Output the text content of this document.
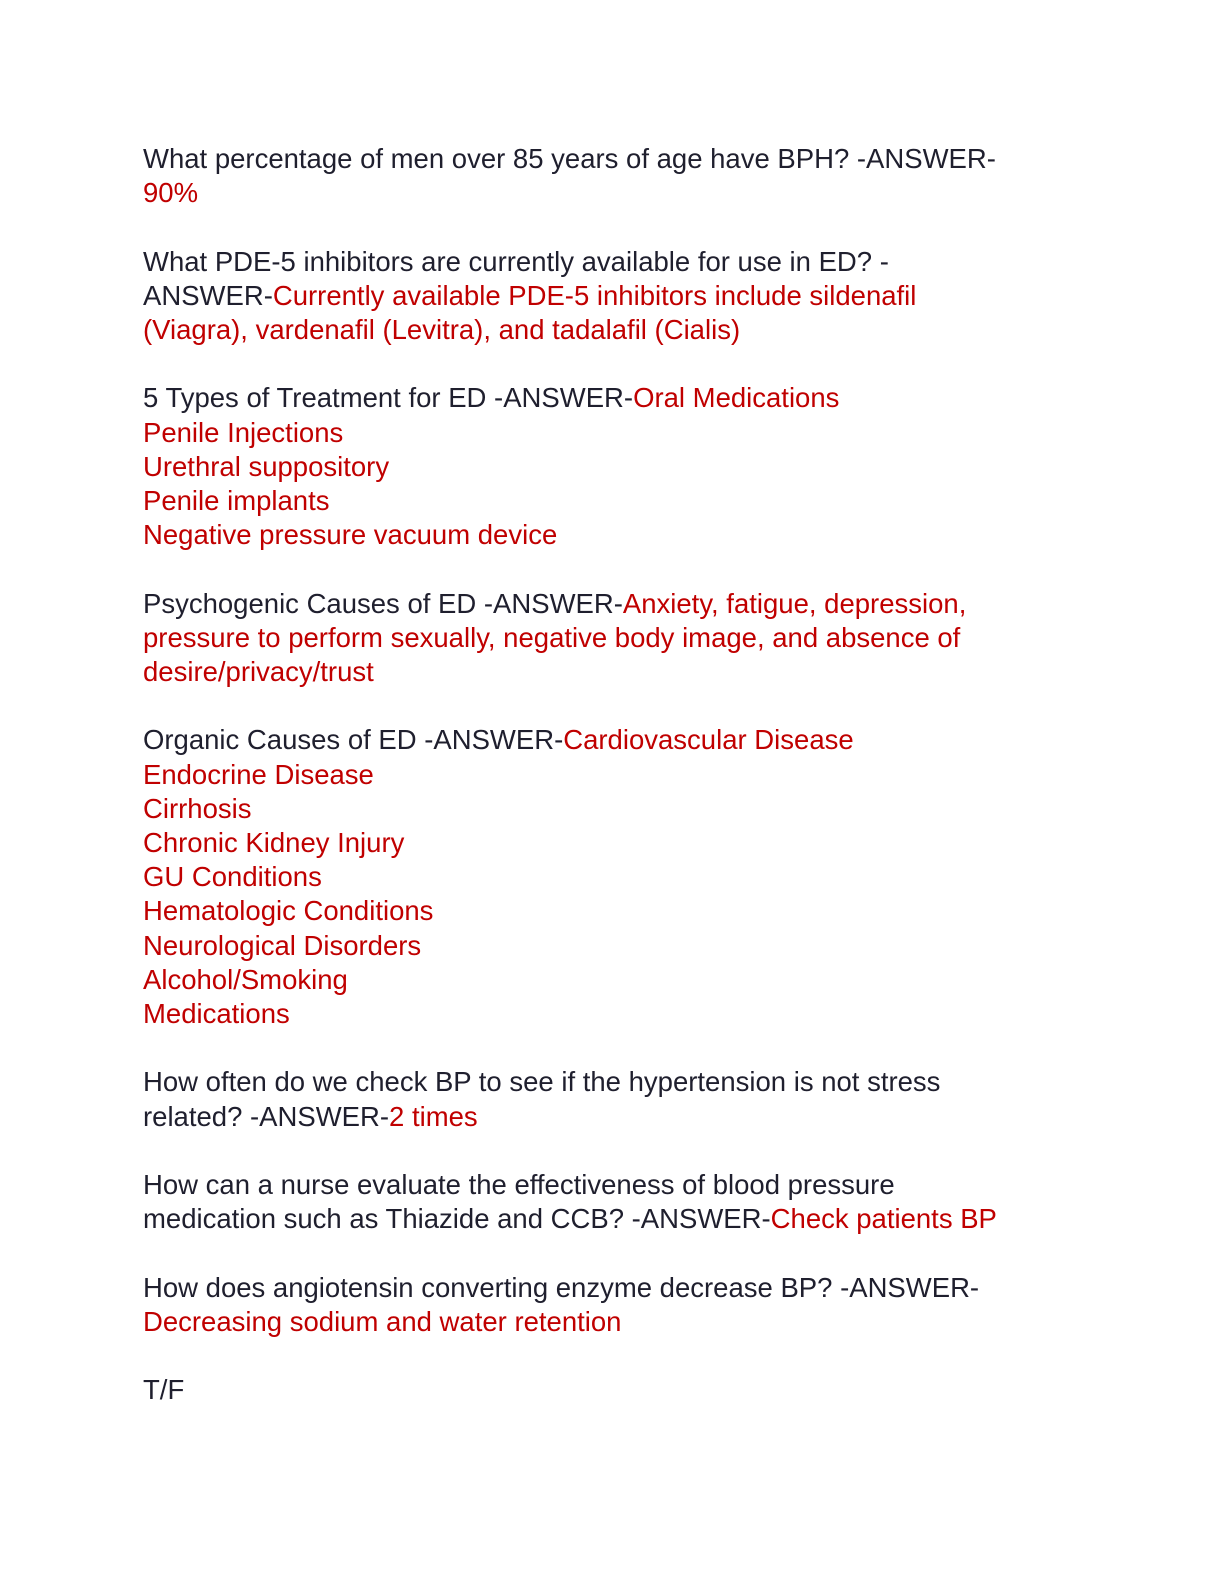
What percentage of men over 85 years of age have BPH? -ANSWER-
90%
What PDE-5 inhibitors are currently available for use in ED? -
ANSWER-Currently available PDE-5 inhibitors include sildenafil
(Viagra), vardenafil (Levitra), and tadalafil (Cialis)
5 Types of Treatment for ED -ANSWER-Oral Medications
Penile Injections
Urethral suppository
Penile implants
Negative pressure vacuum device
Psychogenic Causes of ED -ANSWER-Anxiety, fatigue, depression,
pressure to perform sexually, negative body image, and absence of
desire/privacy/trust
Organic Causes of ED -ANSWER-Cardiovascular Disease
Endocrine Disease
Cirrhosis
Chronic Kidney Injury
GU Conditions
Hematologic Conditions
Neurological Disorders
Alcohol/Smoking
Medications
How often do we check BP to see if the hypertension is not stress
related? -ANSWER-2 times
How can a nurse evaluate the effectiveness of blood pressure
medication such as Thiazide and CCB? -ANSWER-Check patients BP
How does angiotensin converting enzyme decrease BP? -ANSWER-
Decreasing sodium and water retention
T/F
